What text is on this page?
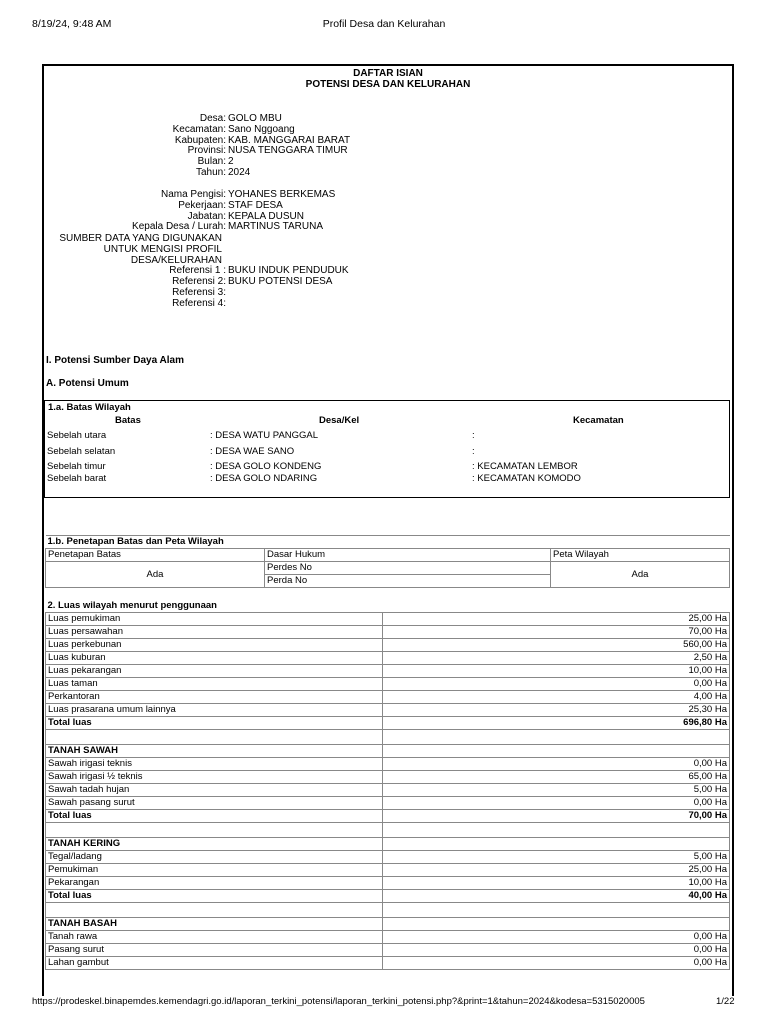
8/19/24, 9:48 AM	Profil Desa dan Kelurahan
https://prodeskel.binapemdes.kemendagri.go.id/laporan_terkini_potensi/laporan_terkini_potensi.php?&print=1&tahun=2024&kodesa=5315020005	1/22
DAFTAR ISIAN
POTENSI DESA DAN KELURAHAN
Desa: GOLO MBU
Kecamatan: Sano Nggoang
Kabupaten: KAB. MANGGARAI BARAT
Provinsi: NUSA TENGGARA TIMUR
Bulan: 2
Tahun: 2024
Nama Pengisi: YOHANES BERKEMAS
Pekerjaan: STAF DESA
Jabatan: KEPALA DUSUN
Kepala Desa / Lurah: MARTINUS TARUNA
SUMBER DATA YANG DIGUNAKAN
UNTUK MENGISI PROFIL
DESA/KELURAHAN
Referensi 1 : BUKU INDUK PENDUDUK
Referensi 2: BUKU POTENSI DESA
Referensi 3:
Referensi 4:
I. Potensi Sumber Daya Alam
A. Potensi Umum
1.a. Batas Wilayah
Batas	Desa/Kel	Kecamatan
Sebelah utara	: DESA WATU PANGGAL	:
Sebelah selatan	: DESA WAE SANO	:
Sebelah timur	: DESA GOLO KONDENG	: KECAMATAN LEMBOR
Sebelah barat	: DESA GOLO NDARING	: KECAMATAN KOMODO
1.b. Penetapan Batas dan Peta Wilayah		
Penetapan Batas	Dasar Hukum	Peta Wilayah
Ada	Perdes No	Ada
	Perda No	
2. Luas wilayah menurut penggunaan	
Luas pemukiman	25,00 Ha
Luas persawahan	70,00 Ha
Luas perkebunan	560,00 Ha
Luas kuburan	2,50 Ha
Luas pekarangan	10,00 Ha
Luas taman	0,00 Ha
Perkantoran	4,00 Ha
Luas prasarana umum lainnya	25,30 Ha
Total luas	696,80 Ha

TANAH SAWAH	
Sawah irigasi teknis	0,00 Ha
Sawah irigasi ½ teknis	65,00 Ha
Sawah tadah hujan	5,00 Ha
Sawah pasang surut	0,00 Ha
Total luas	70,00 Ha

TANAH KERING	
Tegal/ladang	5,00 Ha
Pemukiman	25,00 Ha
Pekarangan	10,00 Ha
Total luas	40,00 Ha

TANAH BASAH	
Tanah rawa	0,00 Ha
Pasang surut	0,00 Ha
Lahan gambut	0,00 Ha
